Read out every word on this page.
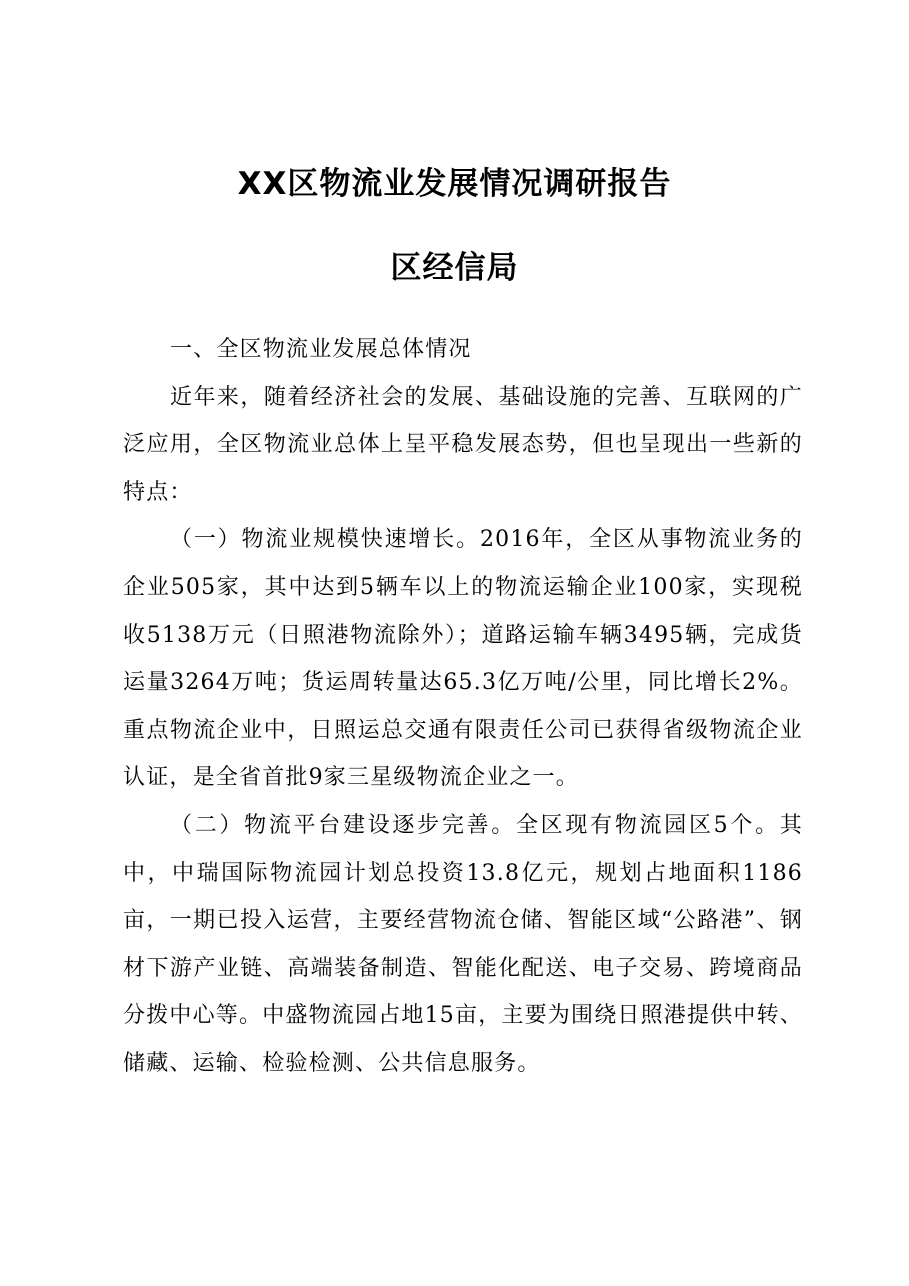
XX区物流业发展情况调研报告
区经信局

一、全区物流业发展总体情况

近年来，随着经济社会的发展、基础设施的完善、互联网的广泛应用，全区物流业总体上呈平稳发展态势，但也呈现出一些新的特点：

（一）物流业规模快速增长。2016年，全区从事物流业务的企业505家，其中达到5辆车以上的物流运输企业100家，实现税收5138万元（日照港物流除外）；道路运输车辆3495辆，完成货运量3264万吨；货运周转量达65.3亿万吨/公里，同比增长2%。重点物流企业中，日照运总交通有限责任公司已获得省级物流企业认证，是全省首批9家三星级物流企业之一。

（二）物流平台建设逐步完善。全区现有物流园区5个。其中，中瑞国际物流园计划总投资13.8亿元，规划占地面积1186亩，一期已投入运营，主要经营物流仓储、智能区域“公路港”、钢材下游产业链、高端装备制造、智能化配送、电子交易、跨境商品分拨中心等。中盛物流园占地15亩，主要为围绕日照港提供中转、储藏、运输、检验检测、公共信息服务。
